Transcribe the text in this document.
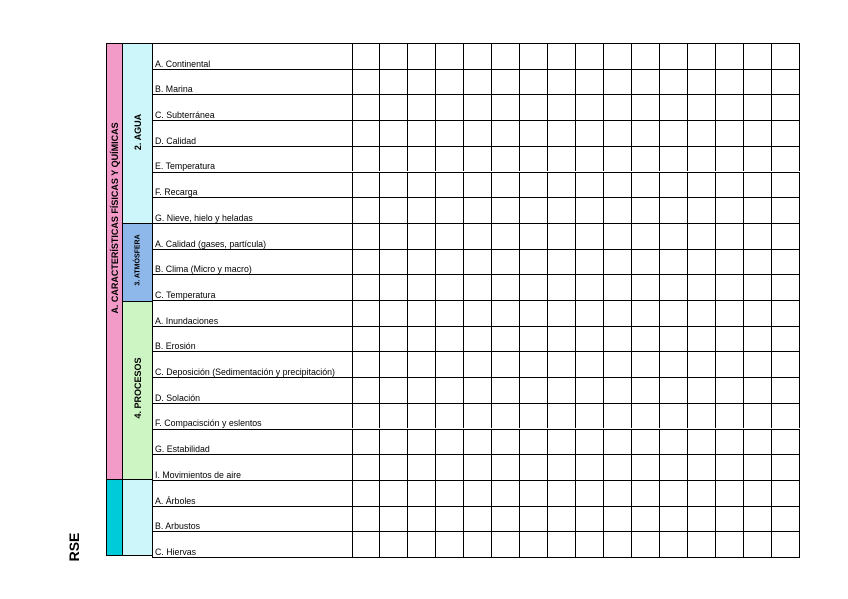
RSE
A. CARACTERÍSTICAS FÍSICAS Y QUÍMICAS 2. AGUA
3. ATMÓSFERA
4. PROCESOS
A. Continental
B. Marina
C. Subterránea
D. Calidad
E. Temperatura
F. Recarga
G. Nieve, hielo y heladas
A. Calidad (gases, partícula)
B. Clima (Micro y macro)
C. Temperatura
A. Inundaciones
B. Erosión
C. Deposición (Sedimentación y precipitación)
D. Solación
F. Compacisción y eslentos
G. Estabilidad
I. Movimientos de aire
A. Árboles
B. Arbustos
C. Hiervas
